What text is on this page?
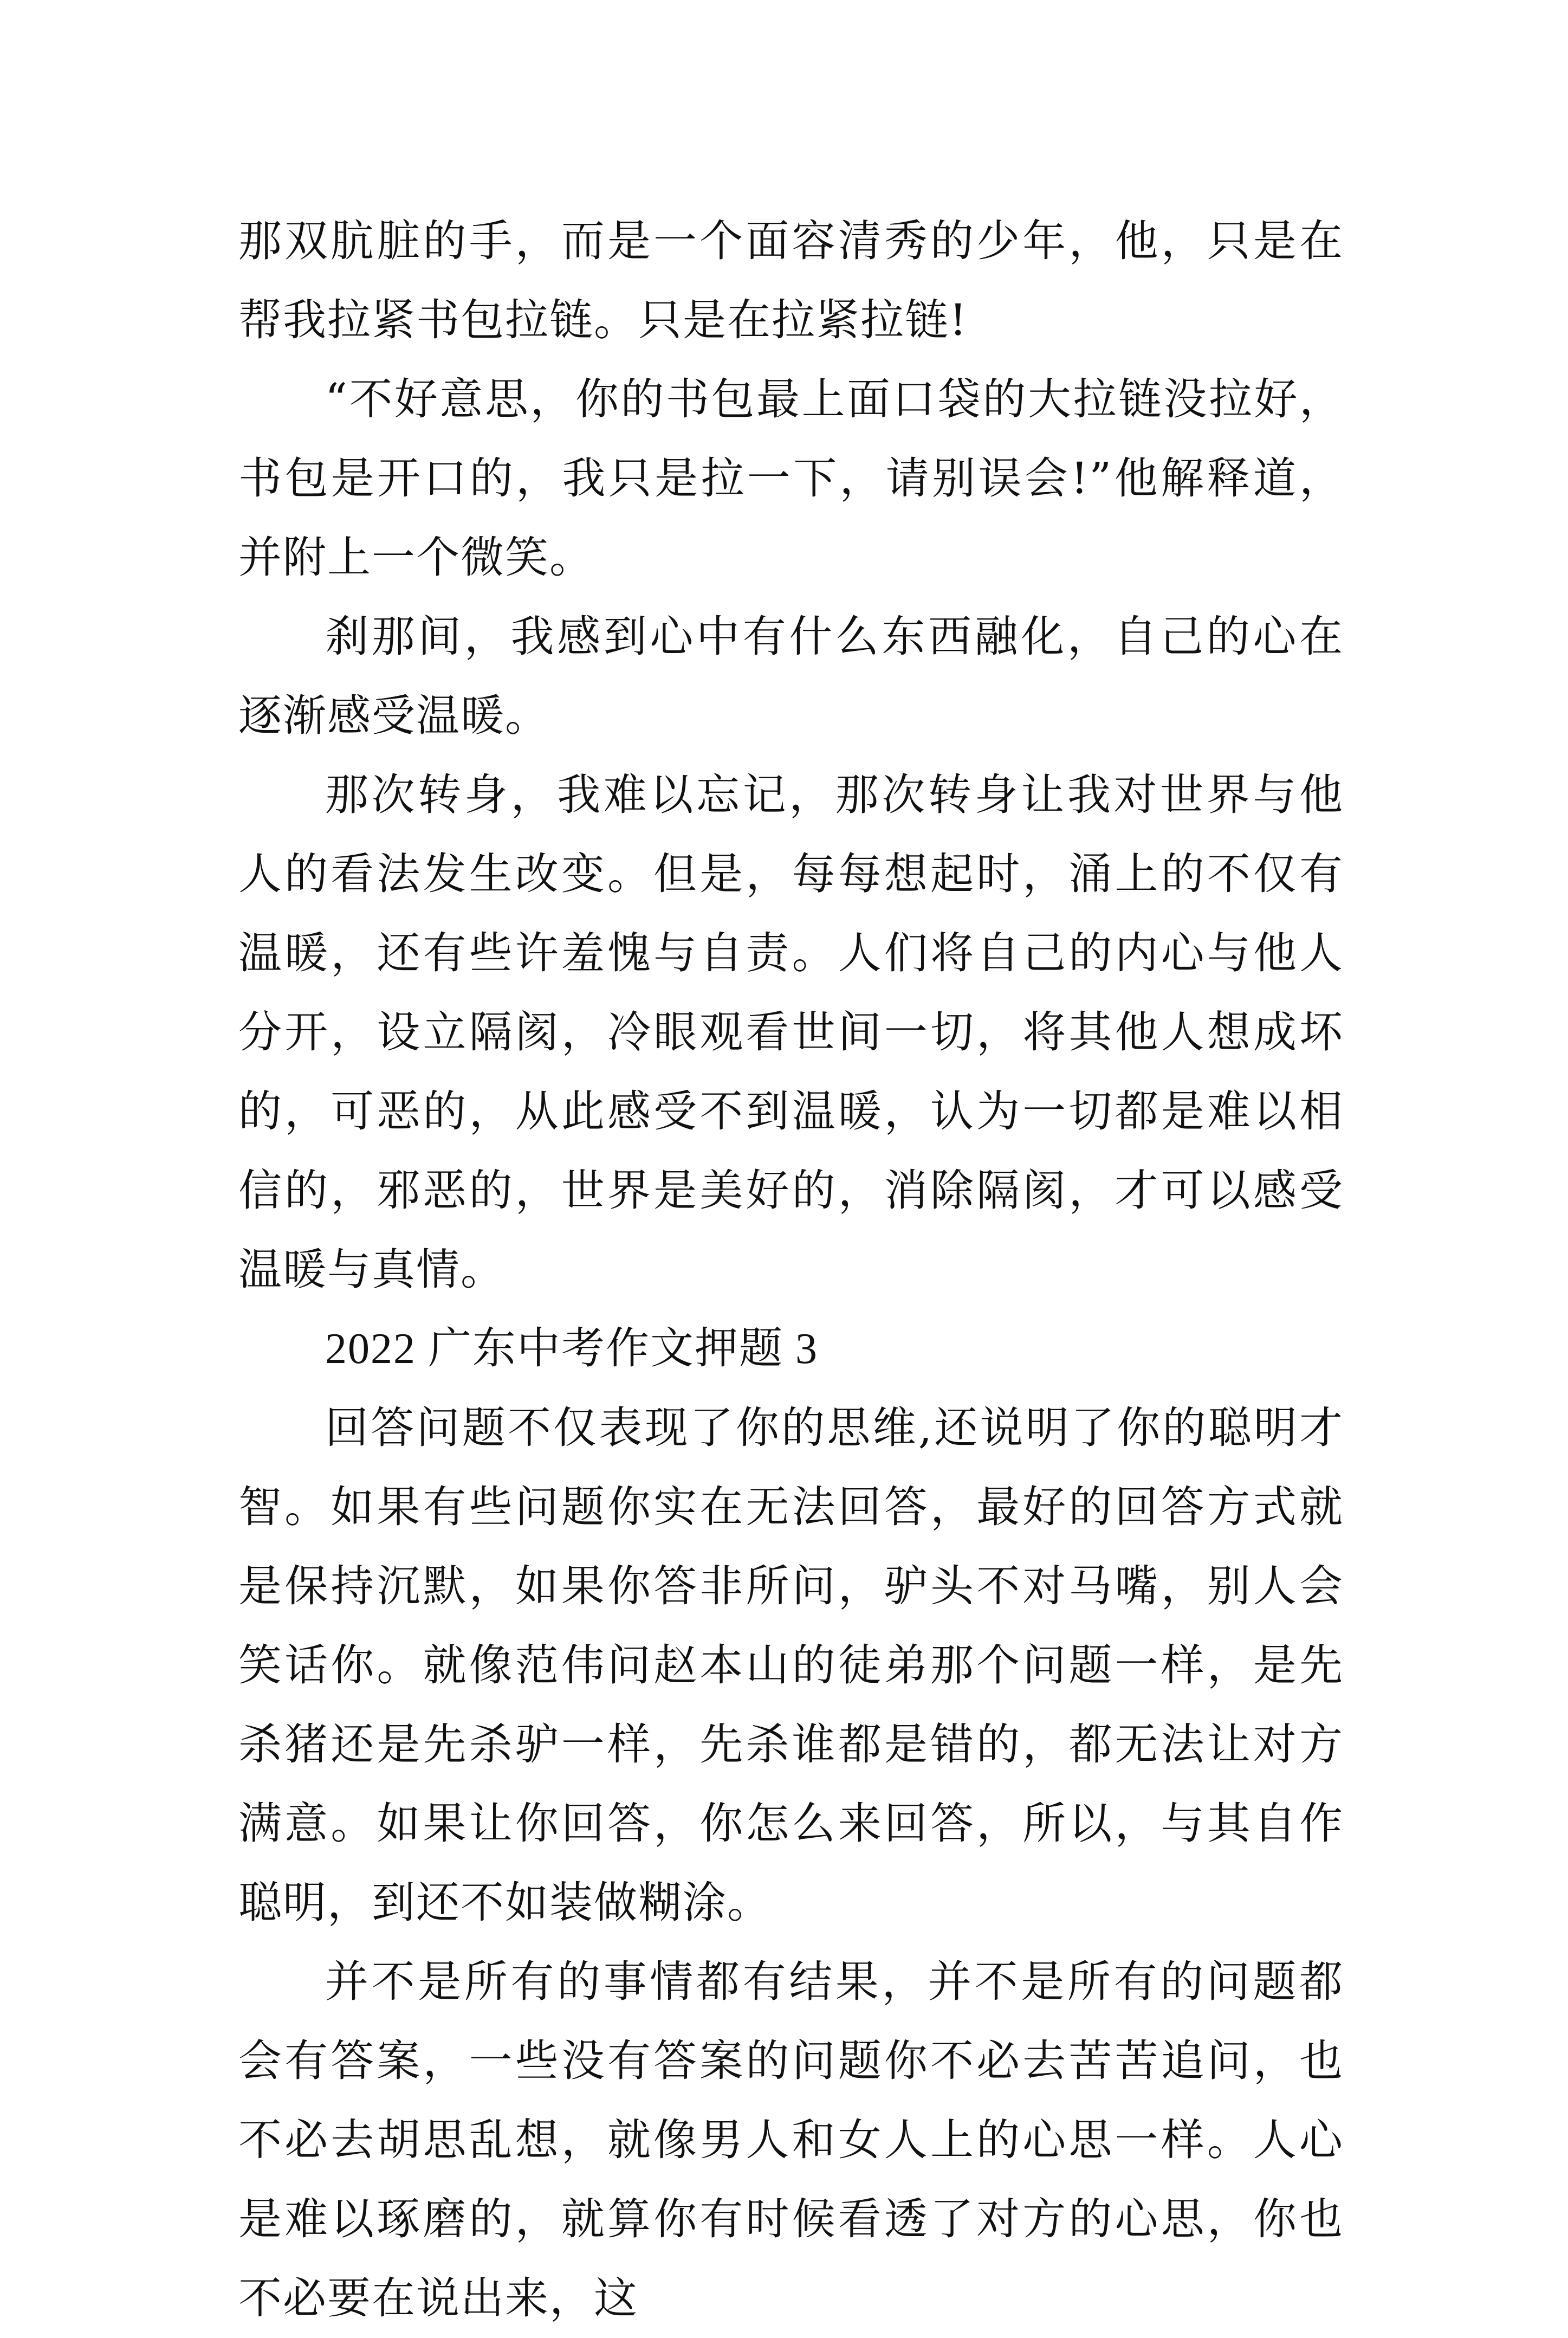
那双肮脏的手，而是一个面容清秀的少年，他，只是在帮我拉紧书包拉链。只是在拉紧拉链!

“不好意思，你的书包最上面口袋的大拉链没拉好，书包是开口的，我只是拉一下，请别误会!”他解释道，并附上一个微笑。

刹那间，我感到心中有什么东西融化，自己的心在逐渐感受温暖。

那次转身，我难以忘记，那次转身让我对世界与他人的看法发生改变。但是，每每想起时，涌上的不仅有温暖，还有些许羞愧与自责。人们将自己的内心与他人分开，设立隔阂，冷眼观看世间一切，将其他人想成坏的，可恶的，从此感受不到温暖，认为一切都是难以相信的，邪恶的，世界是美好的，消除隔阂，才可以感受温暖与真情。

2022 广东中考作文押题 3

回答问题不仅表现了你的思维,还说明了你的聪明才智。如果有些问题你实在无法回答，最好的回答方式就是保持沉默，如果你答非所问，驴头不对马嘴，别人会笑话你。就像范伟问赵本山的徒弟那个问题一样，是先杀猪还是先杀驴一样，先杀谁都是错的，都无法让对方满意。如果让你回答，你怎么来回答，所以，与其自作聪明，到还不如装做糊涂。

并不是所有的事情都有结果，并不是所有的问题都会有答案，一些没有答案的问题你不必去苦苦追问，也不必去胡思乱想，就像男人和女人上的心思一样。人心是难以琢磨的，就算你有时候看透了对方的心思，你也不必要在说出来，这
